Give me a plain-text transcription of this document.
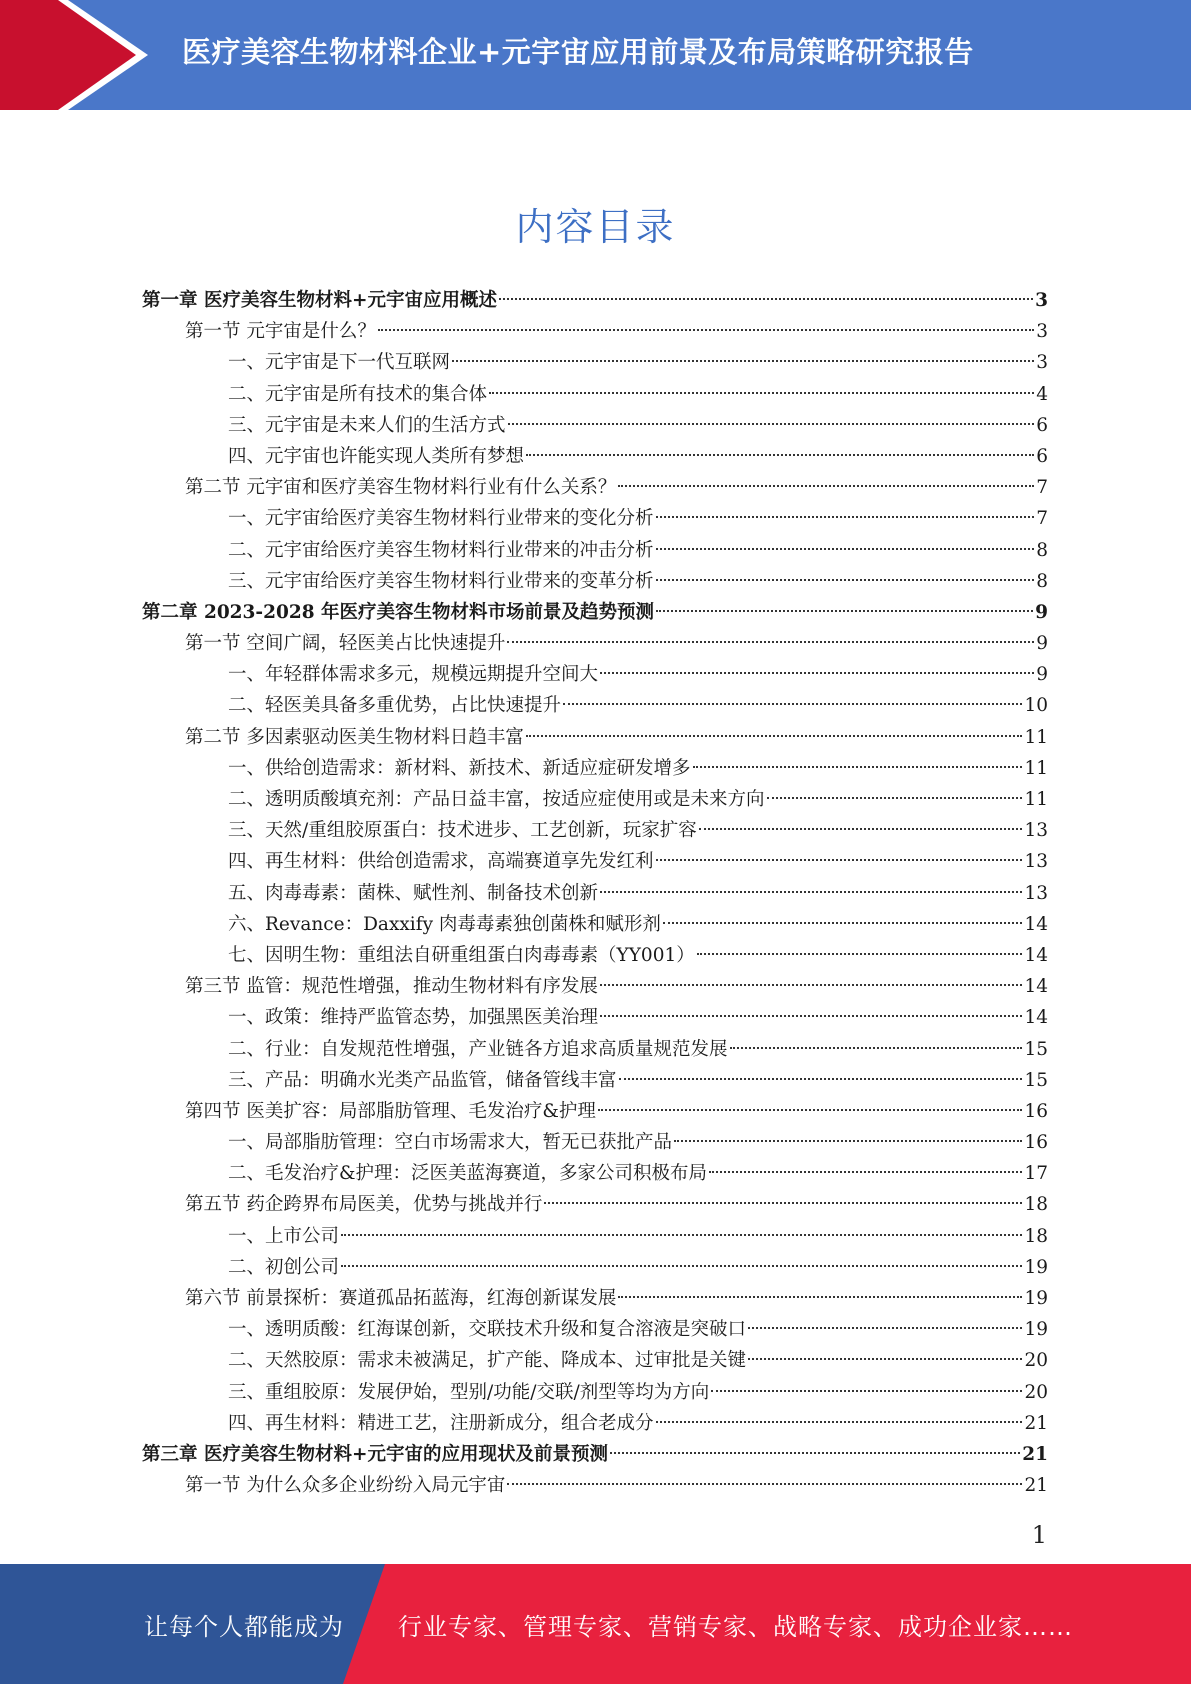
医疗美容生物材料企业+元宇宙应用前景及布局策略研究报告
内容目录
第一章 医疗美容生物材料+元宇宙应用概述	3
第一节 元宇宙是什么？	3
一、元宇宙是下一代互联网	3
二、元宇宙是所有技术的集合体	4
三、元宇宙是未来人们的生活方式	6
四、元宇宙也许能实现人类所有梦想	6
第二节 元宇宙和医疗美容生物材料行业有什么关系？	7
一、元宇宙给医疗美容生物材料行业带来的变化分析	7
二、元宇宙给医疗美容生物材料行业带来的冲击分析	8
三、元宇宙给医疗美容生物材料行业带来的变革分析	8
第二章 2023-2028 年医疗美容生物材料市场前景及趋势预测	9
第一节 空间广阔，轻医美占比快速提升	9
一、年轻群体需求多元，规模远期提升空间大	9
二、轻医美具备多重优势，占比快速提升	10
第二节 多因素驱动医美生物材料日趋丰富	11
一、供给创造需求：新材料、新技术、新适应症研发增多	11
二、透明质酸填充剂：产品日益丰富，按适应症使用或是未来方向	11
三、天然/重组胶原蛋白：技术进步、工艺创新，玩家扩容	13
四、再生材料：供给创造需求，高端赛道享先发红利	13
五、肉毒毒素：菌株、赋性剂、制备技术创新	13
六、Revance：Daxxify 肉毒毒素独创菌株和赋形剂	14
七、因明生物：重组法自研重组蛋白肉毒毒素（YY001）	14
第三节 监管：规范性增强，推动生物材料有序发展	14
一、政策：维持严监管态势，加强黑医美治理	14
二、行业：自发规范性增强，产业链各方追求高质量规范发展	15
三、产品：明确水光类产品监管，储备管线丰富	15
第四节 医美扩容：局部脂肪管理、毛发治疗&护理	16
一、局部脂肪管理：空白市场需求大，暂无已获批产品	16
二、毛发治疗&护理：泛医美蓝海赛道，多家公司积极布局	17
第五节 药企跨界布局医美，优势与挑战并行	18
一、上市公司	18
二、初创公司	19
第六节 前景探析：赛道孤品拓蓝海，红海创新谋发展	19
一、透明质酸：红海谋创新，交联技术升级和复合溶液是突破口	19
二、天然胶原：需求未被满足，扩产能、降成本、过审批是关键	20
三、重组胶原：发展伊始，型别/功能/交联/剂型等均为方向	20
四、再生材料：精进工艺，注册新成分，组合老成分	21
第三章 医疗美容生物材料+元宇宙的应用现状及前景预测	21
第一节 为什么众多企业纷纷入局元宇宙	21
1
让每个人都能成为 行业专家、管理专家、营销专家、战略专家、成功企业家……
